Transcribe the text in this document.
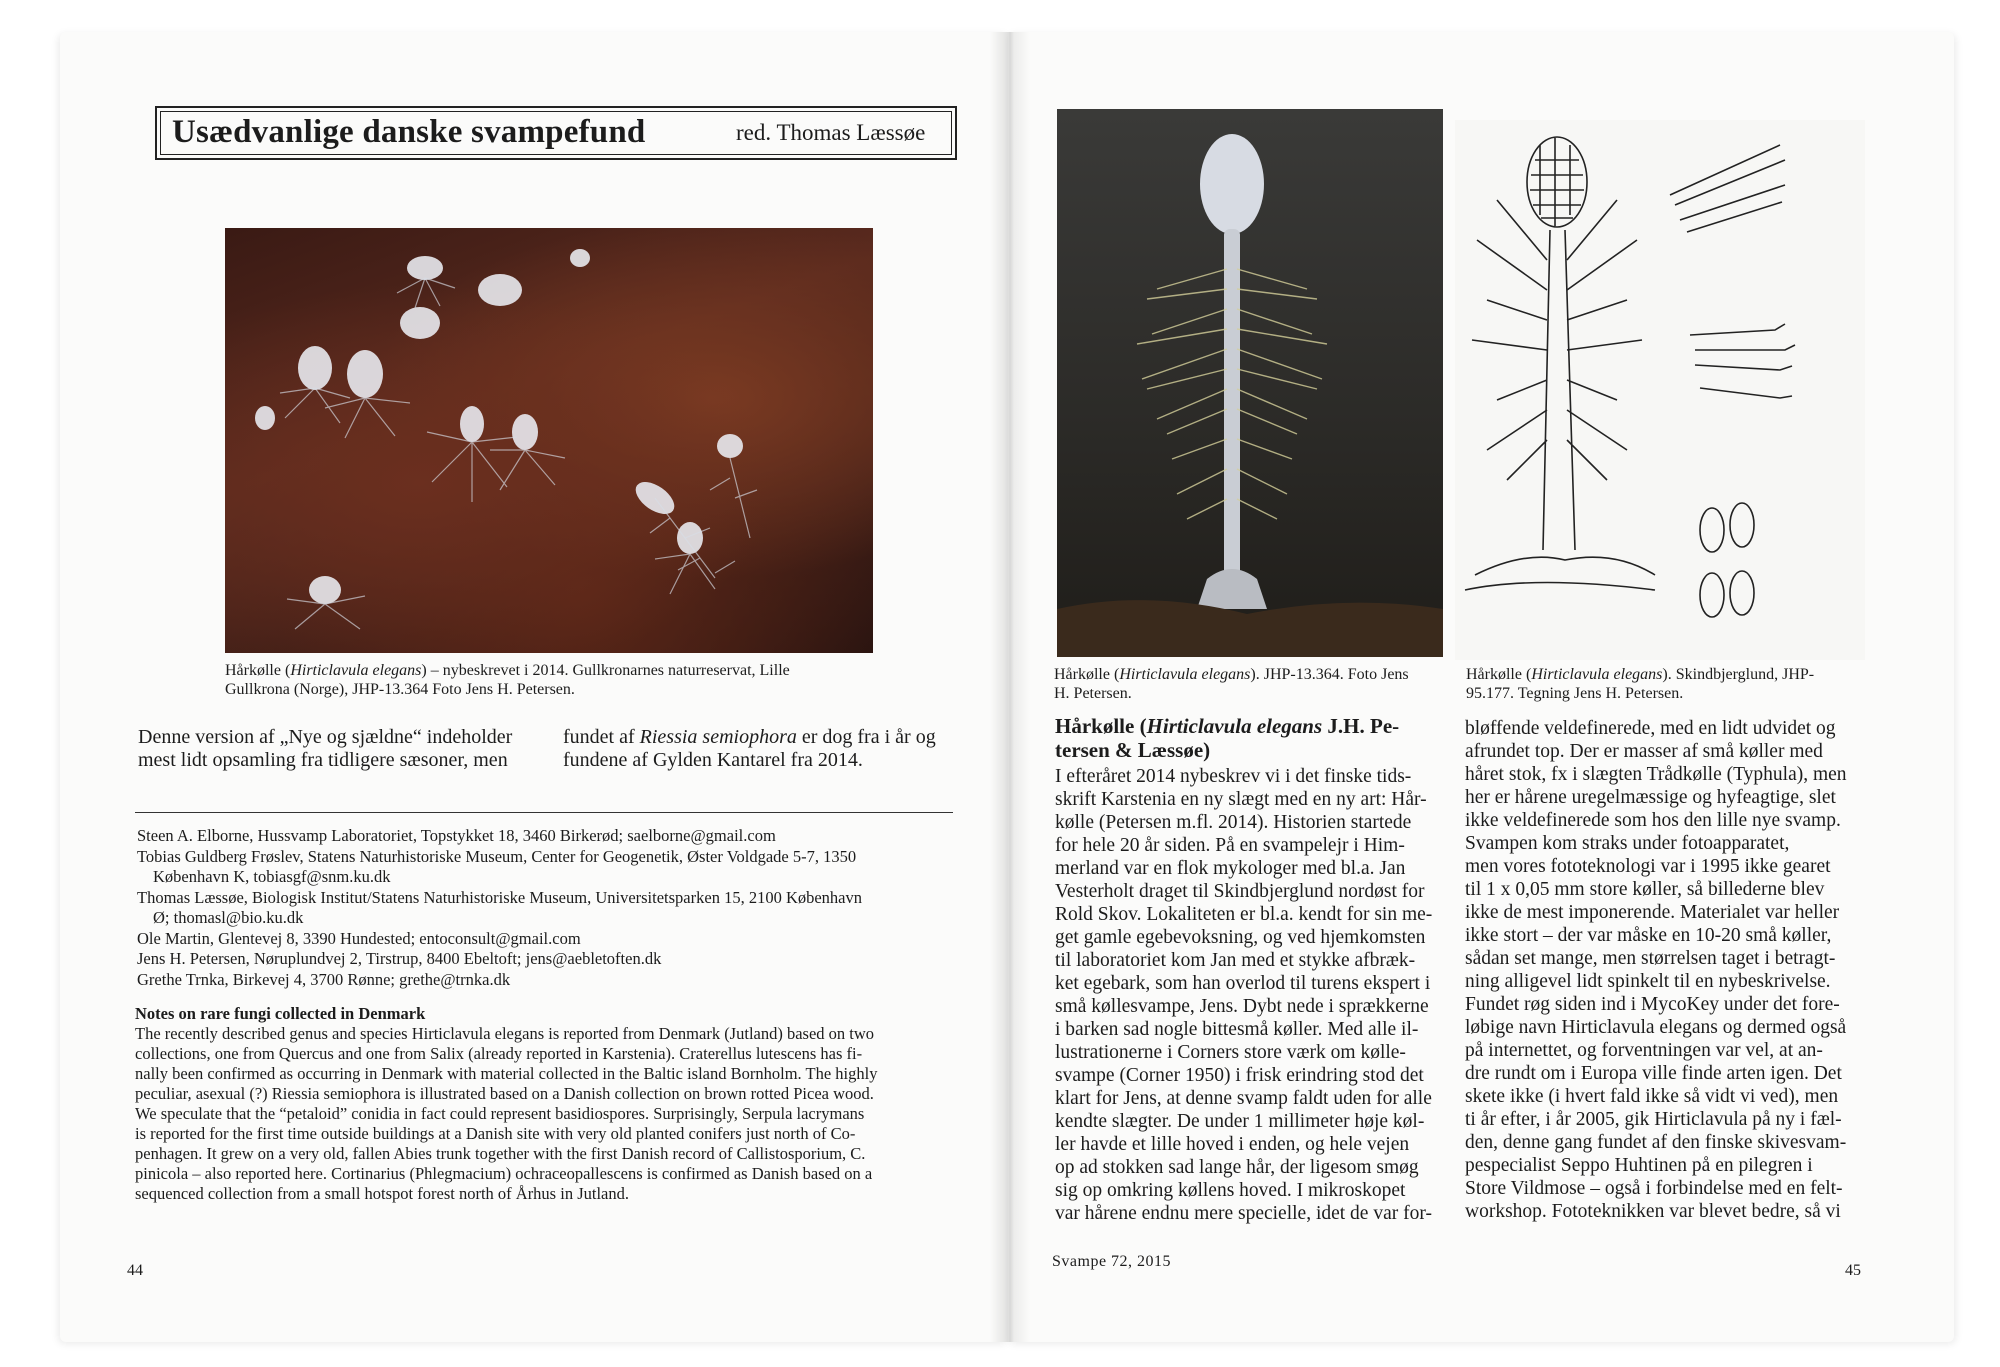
Usædvanlige danske svampefund	red. Thomas Læssøe
Hårkølle (Hirticlavula elegans) – nybeskrevet i 2014. Gullkronarnes naturreservat, Lille
Gullkrona (Norge), JHP-13.364 Foto Jens H. Petersen.
Denne version af „Nye og sjældne“ indeholder
mest lidt opsamling fra tidligere sæsoner, men
fundet af Riessia semiophora er dog fra i år og
fundene af Gylden Kantarel fra 2014.
Steen A. Elborne, Hussvamp Laboratoriet, Topstykket 18, 3460 Birkerød; saelborne@gmail.com
Tobias Guldberg Frøslev, Statens Naturhistoriske Museum, Center for Geogenetik, Øster Voldgade 5-7, 1350
København K, tobiasgf@snm.ku.dk
Thomas Læssøe, Biologisk Institut/Statens Naturhistoriske Museum, Universitetsparken 15, 2100 København
Ø; thomasl@bio.ku.dk
Ole Martin, Glentevej 8, 3390 Hundested; entoconsult@gmail.com
Jens H. Petersen, Nøruplundvej 2, Tirstrup, 8400 Ebeltoft; jens@aebletoften.dk
Grethe Trnka, Birkevej 4, 3700 Rønne; grethe@trnka.dk
Notes on rare fungi collected in Denmark
The recently described genus and species Hirticlavula elegans is reported from Denmark (Jutland) based on two
collections, one from Quercus and one from Salix (already reported in Karstenia). Craterellus lutescens has fi-
nally been confirmed as occurring in Denmark with material collected in the Baltic island Bornholm. The highly
peculiar, asexual (?) Riessia semiophora is illustrated based on a Danish collection on brown rotted Picea wood.
We speculate that the “petaloid” conidia in fact could represent basidiospores. Surprisingly, Serpula lacrymans
is reported for the first time outside buildings at a Danish site with very old planted conifers just north of Co-
penhagen. It grew on a very old, fallen Abies trunk together with the first Danish record of Callistosporium, C.
pinicola – also reported here. Cortinarius (Phlegmacium) ochraceopallescens is confirmed as Danish based on a
sequenced collection from a small hotspot forest north of Århus in Jutland.
44
Hårkølle (Hirticlavula elegans). JHP-13.364. Foto Jens
H. Petersen.
Hårkølle (Hirticlavula elegans). Skindbjerglund, JHP-
95.177. Tegning Jens H. Petersen.
Hårkølle (Hirticlavula elegans J.H. Pe-
tersen & Læssøe)
I efteråret 2014 nybeskrev vi i det finske tids-
skrift Karstenia en ny slægt med en ny art: Hår-
kølle (Petersen m.fl. 2014). Historien startede
for hele 20 år siden. På en svampelejr i Him-
merland var en flok mykologer med bl.a. Jan
Vesterholt draget til Skindbjerglund nordøst for
Rold Skov. Lokaliteten er bl.a. kendt for sin me-
get gamle egebevoksning, og ved hjemkomsten
til laboratoriet kom Jan med et stykke afbræk-
ket egebark, som han overlod til turens ekspert i
små køllesvampe, Jens. Dybt nede i sprækkerne
i barken sad nogle bittesmå køller. Med alle il-
lustrationerne i Corners store værk om kølle-
svampe (Corner 1950) i frisk erindring stod det
klart for Jens, at denne svamp faldt uden for alle
kendte slægter. De under 1 millimeter høje køl-
ler havde et lille hoved i enden, og hele vejen
op ad stokken sad lange hår, der ligesom smøg
sig op omkring køllens hoved. I mikroskopet
var hårene endnu mere specielle, idet de var for-
bløffende veldefinerede, med en lidt udvidet og
afrundet top. Der er masser af små køller med
håret stok, fx i slægten Trådkølle (Typhula), men
her er hårene uregelmæssige og hyfeagtige, slet
ikke veldefinerede som hos den lille nye svamp.
Svampen kom straks under fotoapparatet,
men vores fototeknologi var i 1995 ikke gearet
til 1 x 0,05 mm store køller, så billederne blev
ikke de mest imponerende. Materialet var heller
ikke stort – der var måske en 10-20 små køller,
sådan set mange, men størrelsen taget i betragt-
ning alligevel lidt spinkelt til en nybeskrivelse.
Fundet røg siden ind i MycoKey under det fore-
løbige navn Hirticlavula elegans og dermed også
på internettet, og forventningen var vel, at an-
dre rundt om i Europa ville finde arten igen. Det
skete ikke (i hvert fald ikke så vidt vi ved), men
ti år efter, i år 2005, gik Hirticlavula på ny i fæl-
den, denne gang fundet af den finske skivesvam-
pespecialist Seppo Huhtinen på en pilegren i
Store Vildmose – også i forbindelse med en felt-
workshop. Fototeknikken var blevet bedre, så vi
Svampe 72, 2015
45
